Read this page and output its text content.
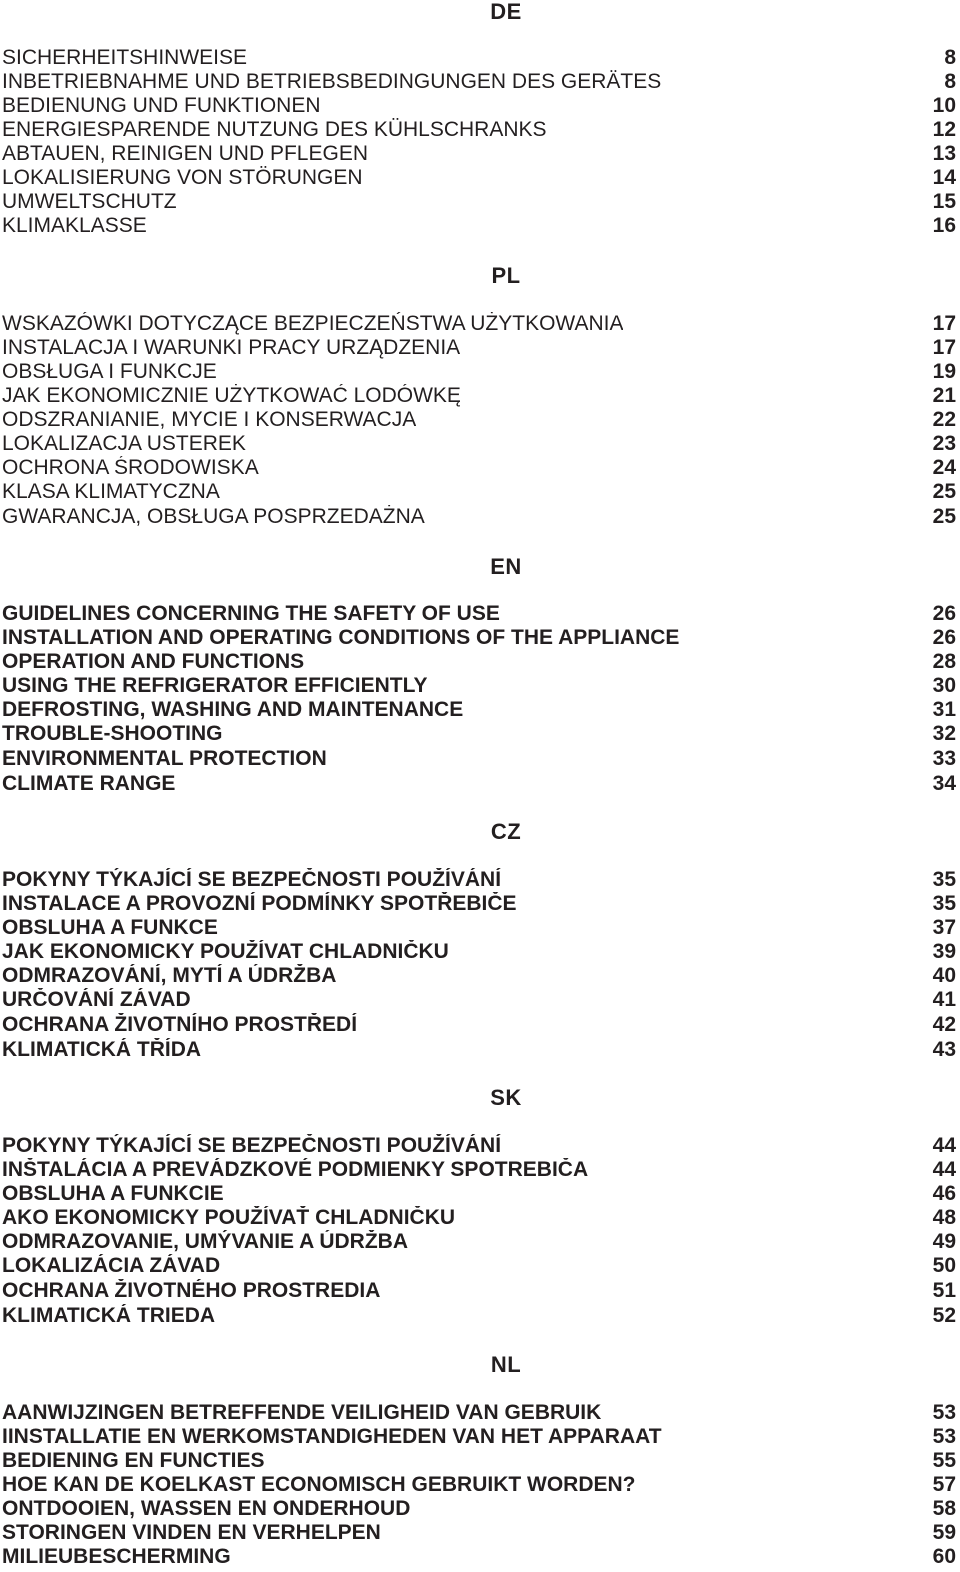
DE
SICHERHEITSHINWEISE	8
INBETRIEBNAHME UND BETRIEBSBEDINGUNGEN DES GERÄTES	8
BEDIENUNG UND FUNKTIONEN	10
ENERGIESPARENDE NUTZUNG DES KÜHLSCHRANKS	12
ABTAUEN, REINIGEN UND PFLEGEN	13
LOKALISIERUNG VON STÖRUNGEN	14
UMWELTSCHUTZ	15
KLIMAKLASSE	16
PL
WSKAZÓWKI DOTYCZĄCE BEZPIECZEŃSTWA UŻYTKOWANIA	17
INSTALACJA I WARUNKI PRACY URZĄDZENIA	17
OBSŁUGA I FUNKCJE	19
JAK EKONOMICZNIE UŻYTKOWAĆ LODÓWKĘ	21
ODSZRANIANIE, MYCIE I KONSERWACJA	22
LOKALIZACJA USTEREK	23
OCHRONA ŚRODOWISKA	24
KLASA KLIMATYCZNA	25
GWARANCJA, OBSŁUGA POSPRZEDAŻNA	25
EN
GUIDELINES CONCERNING THE SAFETY OF USE	26
INSTALLATION AND OPERATING CONDITIONS OF THE APPLIANCE	26
OPERATION AND FUNCTIONS	28
USING THE REFRIGERATOR EFFICIENTLY	30
DEFROSTING, WASHING AND MAINTENANCE	31
TROUBLE-SHOOTING	32
ENVIRONMENTAL PROTECTION	33
CLIMATE RANGE	34
CZ
POKYNY TÝKAJÍCÍ SE BEZPEČNOSTI POUŽÍVÁNÍ	35
INSTALACE A PROVOZNÍ PODMÍNKY SPOTŘEBIČE	35
OBSLUHA A FUNKCE	37
JAK EKONOMICKY POUŽÍVAT CHLADNIČKU	39
ODMRAZOVÁNÍ, MYTÍ A ÚDRŽBA	40
URČOVÁNÍ ZÁVAD	41
OCHRANA ŽIVOTNÍHO PROSTŘEDÍ	42
KLIMATICKÁ TŘÍDA	43
SK
POKYNY TÝKAJÍCÍ SE BEZPEČNOSTI POUŽÍVÁNÍ	44
INŠTALÁCIA A PREVÁDZKOVÉ PODMIENKY SPOTREBIČA	44
OBSLUHA A FUNKCIE	46
AKO EKONOMICKY POUŽÍVAŤ CHLADNIČKU	48
ODMRAZOVANIE, UMÝVANIE A ÚDRŽBA	49
LOKALIZÁCIA ZÁVAD	50
OCHRANA ŽIVOTNÉHO PROSTREDIA	51
KLIMATICKÁ TRIEDA	52
NL
AANWIJZINGEN BETREFFENDE VEILIGHEID VAN GEBRUIK	53
IINSTALLATIE EN WERKOMSTANDIGHEDEN VAN HET APPARAAT	53
BEDIENING EN FUNCTIES	55
HOE KAN DE KOELKAST ECONOMISCH GEBRUIKT WORDEN?	57
ONTDOOIEN, WASSEN EN ONDERHOUD	58
STORINGEN VINDEN EN VERHELPEN	59
MILIEUBESCHERMING	60
